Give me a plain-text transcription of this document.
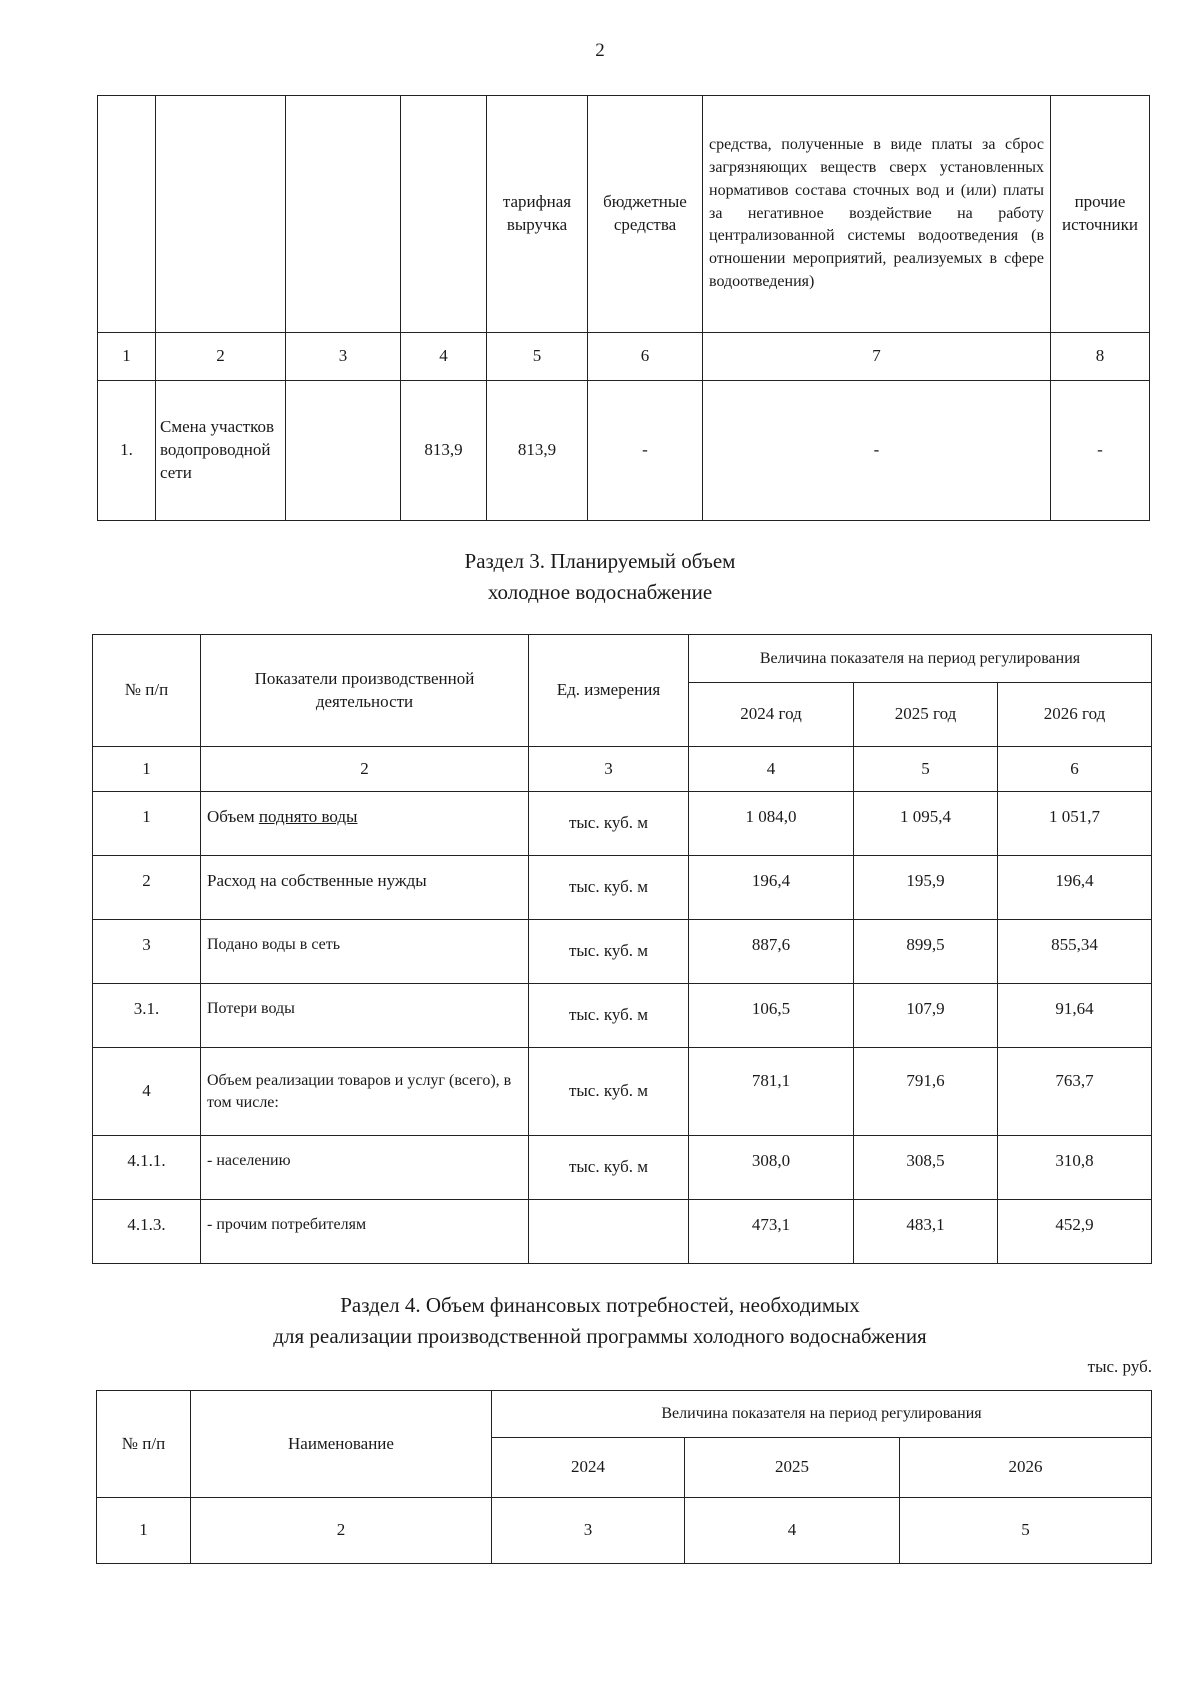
2
				тарифная выручка	бюджетные средства	средства, полученные в виде платы за сброс загрязняющих веществ сверх установленных нормативов состава сточных вод и (или) платы за негативное воздействие на работу централизованной системы водоотведения (в отношении мероприятий, реализуемых в сфере водоотведения)	прочие источники
1	2	3	4	5	6	7	8
1.	Смена участков водопроводной сети		813,9	813,9	-	-	-
Раздел 3. Планируемый объем
холодное водоснабжение
№ п/п	Показатели производственной деятельности	Ед. измерения	Величина показателя на период регулирования		
			2024 год	2025 год	2026 год
1	2	3	4	5	6
1	Объем поднято воды	тыс. куб. м	1 084,0	1 095,4	1 051,7
2	Расход на собственные нужды	тыс. куб. м	196,4	195,9	196,4
3	Подано воды в сеть	тыс. куб. м	887,6	899,5	855,34
3.1.	Потери воды	тыс. куб. м	106,5	107,9	91,64
4	Объем реализации товаров и услуг (всего), в том числе:	тыс. куб. м	781,1	791,6	763,7
4.1.1.	- населению	тыс. куб. м	308,0	308,5	310,8
4.1.3.	- прочим потребителям		473,1	483,1	452,9
Раздел 4. Объем финансовых потребностей, необходимых
для реализации производственной программы холодного водоснабжения
тыс. руб.
№ п/п	Наименование	Величина показателя на период регулирования		
		2024	2025	2026
1	2	3	4	5
